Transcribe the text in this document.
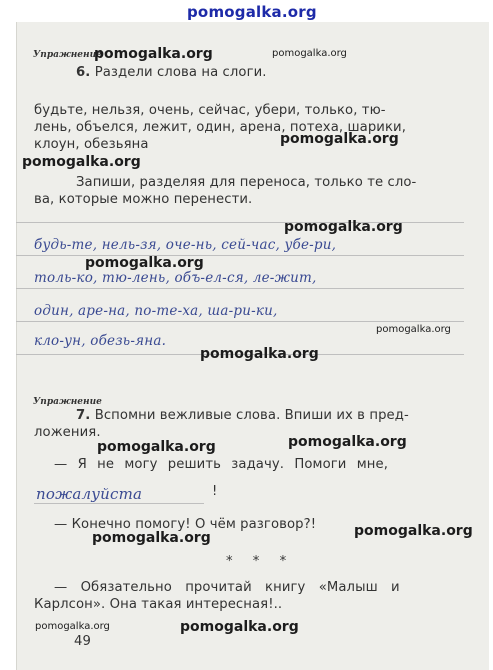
pomogalka.org
Упражнение
pomogalka.org	pomogalka.org
6. Раздели слова на слоги.
будьте, нельзя, очень, сейчас, убери, только, тю-
лень, объелся, лежит, один, арена, потеха, шарики,
клоун, обезьяна	pomogalka.org
pomogalka.org
Запиши, разделяя для переноса, только те сло-
ва, которые можно перенести.
pomogalka.org
будь-те, нель-зя, оче-нь, сей-час, убе-ри,
pomogalka.org
толь-ко, тю-лень, объ-ел-ся, ле-жит,
один, аре-на, по-те-ха, ша-ри-ки,
pomogalka.org
кло-ун, обезь-яна.
pomogalka.org
Упражнение
7. Вспомни вежливые слова. Впиши их в пред-
ложения.
pomogalka.org	pomogalka.org
— Я не могу решить задачу. Помоги мне,
пожалуйста	!
— Конечно помогу! О чём разговор?!	pomogalka.org
pomogalka.org
* * *
— Обязательно прочитай книгу «Малыш и
Карлсон». Она такая интересная!..
pomogalka.org	pomogalka.org
49
